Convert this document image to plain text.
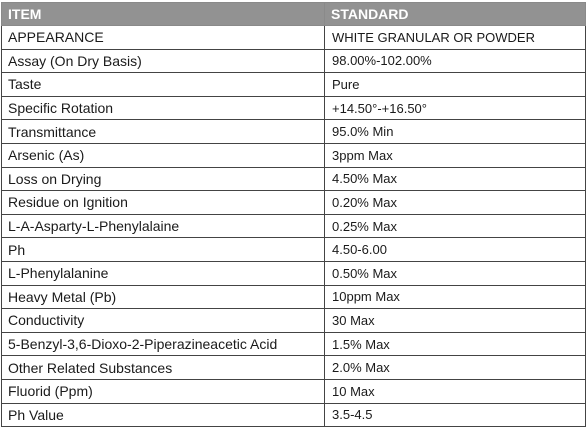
ITEM	STANDARD
APPEARANCE	WHITE GRANULAR OR POWDER
Assay (On Dry Basis)	98.00%-102.00%
Taste	Pure
Specific Rotation	+14.50°-+16.50°
Transmittance	95.0% Min
Arsenic (As)	3ppm Max
Loss on Drying	4.50% Max
Residue on Ignition	0.20% Max
L-A-Asparty-L-Phenylalaine	0.25% Max
Ph	4.50-6.00
L-Phenylalanine	0.50% Max
Heavy Metal (Pb)	10ppm Max
Conductivity	30 Max
5-Benzyl-3,6-Dioxo-2-Piperazineacetic Acid	1.5% Max
Other Related Substances	2.0% Max
Fluorid (Ppm)	10 Max
Ph Value	3.5-4.5
